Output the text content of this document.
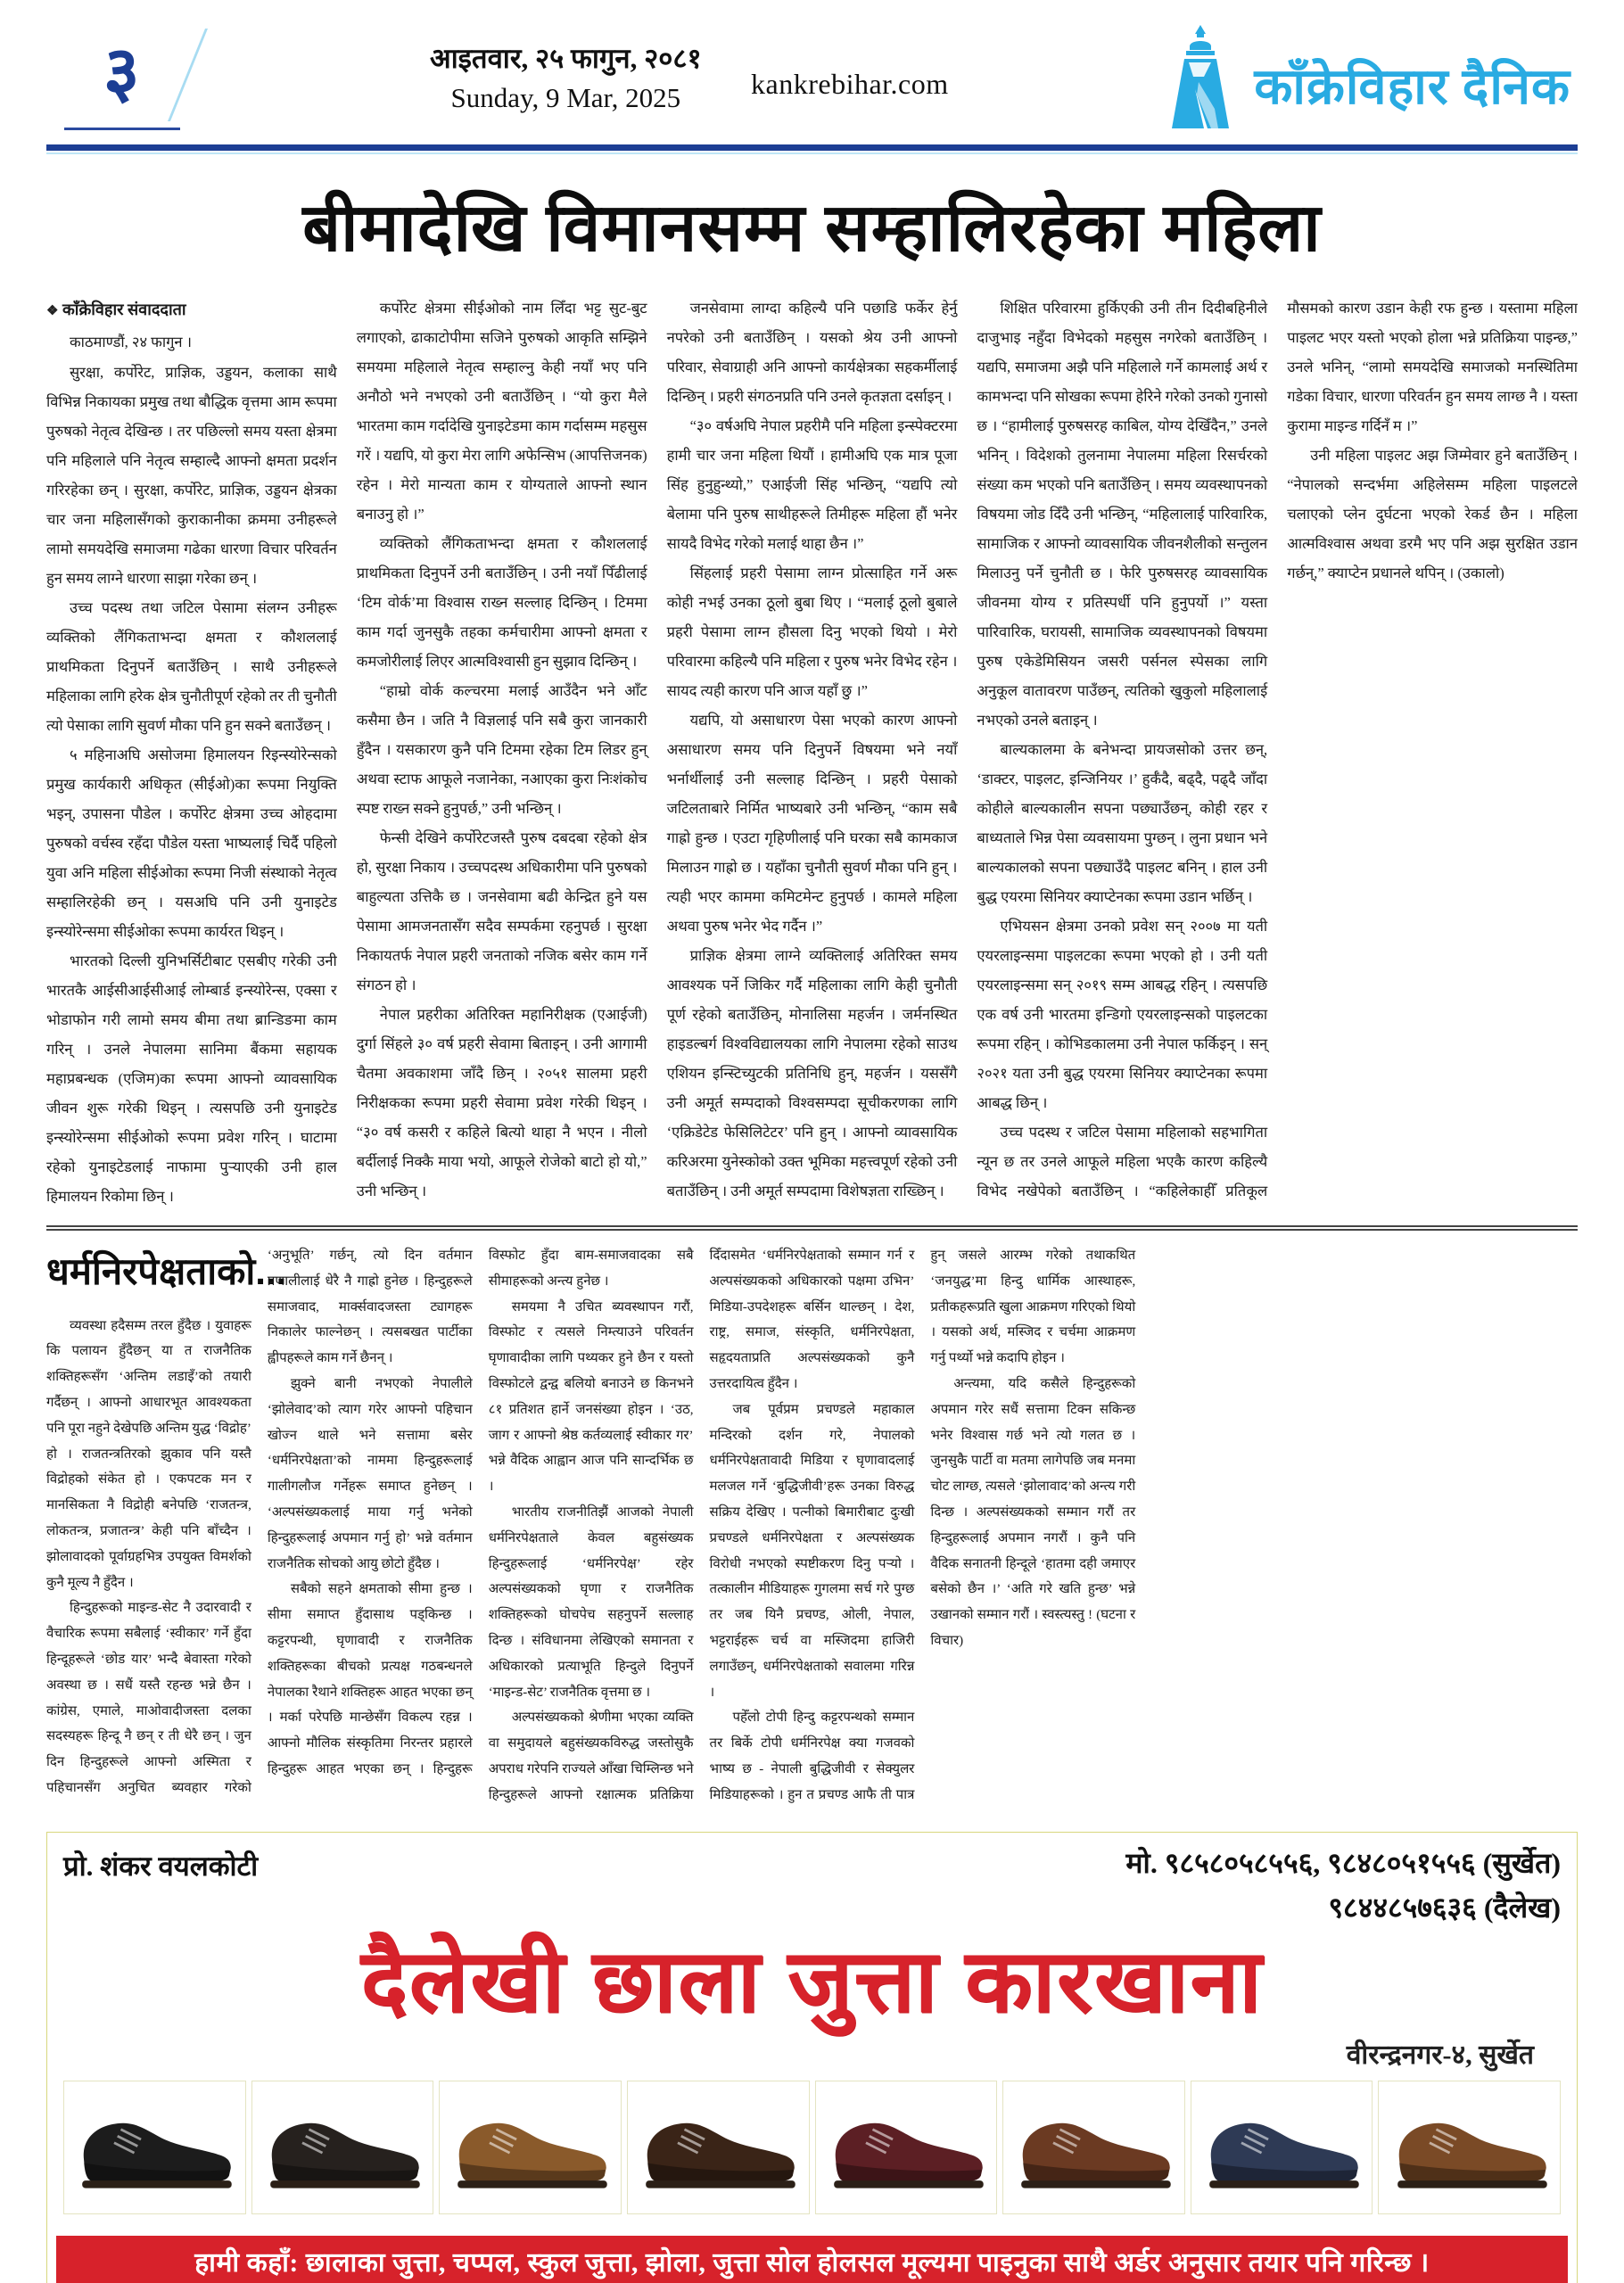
३	आइतवार, २५ फागुन, २०८१
Sunday, 9 Mar, 2025	kankrebihar.com	काँक्रेविहार दैनिक
बीमादेखि विमानसम्म सम्हालिरहेका महिला
❖ काँक्रेविहार संवाददाता
काठमाण्डौं, २४ फागुन ।

सुरक्षा, कर्पोरेट, प्राज्ञिक, उड्डयन, कलाका साथै विभिन्न निकायका प्रमुख तथा बौद्धिक वृत्तमा आम रूपमा पुरुषको नेतृत्व देखिन्छ । तर पछिल्लो समय यस्ता क्षेत्रमा पनि महिलाले पनि नेतृत्व सम्हाल्दै आफ्नो क्षमता प्रदर्शन गरिरहेका छन् । सुरक्षा, कर्पोरेट, प्राज्ञिक, उड्डयन क्षेत्रका चार जना महिलासँगको कुराकानीका क्रममा उनीहरूले लामो समयदेखि समाजमा गढेका धारणा विचार परिवर्तन हुन समय लाग्ने धारणा साझा गरेका छन् ।

उच्च पदस्थ तथा जटिल पेसामा संलग्न उनीहरू व्यक्तिको लैंगिकताभन्दा क्षमता र कौशललाई प्राथमिकता दिनुपर्ने बताउँछिन् । साथै उनीहरूले महिलाका लागि हरेक क्षेत्र चुनौतीपूर्ण रहेको तर ती चुनौती त्यो पेसाका लागि सुवर्ण मौका पनि हुन सक्ने बताउँछन् ।

५ महिनाअघि असोजमा हिमालयन रिइन्स्योरेन्सको प्रमुख कार्यकारी अधिकृत (सीईओ)का रूपमा नियुक्ति भइन्, उपासना पौडेल । कर्पोरेट क्षेत्रमा उच्च ओहदामा पुरुषको वर्चस्व रहँदा पौडेल यस्ता भाष्यलाई चिर्दै पहिलो युवा अनि महिला सीईओका रूपमा निजी संस्थाको नेतृत्व सम्हालिरहेकी छन् । यसअघि पनि उनी युनाइटेड इन्स्योरेन्समा सीईओका रूपमा कार्यरत थिइन् ।

भारतको दिल्ली युनिभर्सिटीबाट एसबीए गरेकी उनी भारतकै आईसीआईसीआई लोम्बार्ड इन्स्योरेन्स, एक्सा र भोडाफोन गरी लामो समय बीमा तथा ब्रान्डिङमा काम गरिन् । उनले नेपालमा सानिमा बैंकमा सहायक महाप्रबन्धक (एजिम)का रूपमा आफ्नो व्यावसायिक जीवन शुरू गरेकी थिइन् । त्यसपछि उनी युनाइटेड इन्स्योरेन्समा सीईओको रूपमा प्रवेश गरिन् । घाटामा रहेको युनाइटेडलाई नाफामा पुऱ्याएकी उनी हाल हिमालयन रिकोमा छिन् ।

कर्पोरेट क्षेत्रमा सीईओको नाम लिँदा भट्ट सुट-बुट लगाएको, ढाकाटोपीमा सजिने पुरुषको आकृति सम्झिने समयमा महिलाले नेतृत्व सम्हाल्नु केही नयाँ भए पनि अनौठो भने नभएको उनी बताउँछिन् । “यो कुरा मैले भारतमा काम गर्दादेखि युनाइटेडमा काम गर्दासम्म महसुस गरें । यद्यपि, यो कुरा मेरा लागि अफेन्सिभ (आपत्तिजनक) रहेन । मेरो मान्यता काम र योग्यताले आफ्नो स्थान बनाउनु हो ।”

व्यक्तिको लैंगिकताभन्दा क्षमता र कौशललाई प्राथमिकता दिनुपर्ने उनी बताउँछिन् । उनी नयाँ पिँढीलाई ‘टिम वोर्क’मा विश्वास राख्न सल्लाह दिन्छिन् । टिममा काम गर्दा जुनसुकै तहका कर्मचारीमा आफ्नो क्षमता र कमजोरीलाई लिएर आत्मविश्वासी हुन सुझाव दिन्छिन् ।

“हाम्रो वोर्क कल्चरमा मलाई आउँदैन भने आँट कसैमा छैन । जति नै विज्ञलाई पनि सबै कुरा जानकारी हुँदैन । यसकारण कुनै पनि टिममा रहेका टिम लिडर हुन् अथवा स्टाफ आफूले नजानेका, नआएका कुरा निःशंकोच स्पष्ट राख्न सक्ने हुनुपर्छ,” उनी भन्छिन् ।

फेन्सी देखिने कर्पोरेटजस्तै पुरुष दबदबा रहेको क्षेत्र हो, सुरक्षा निकाय । उच्चपदस्थ अधिकारीमा पनि पुरुषको बाहुल्यता उत्तिकै छ । जनसेवामा बढी केन्द्रित हुने यस पेसामा आमजनतासँग सदैव सम्पर्कमा रहनुपर्छ । सुरक्षा निकायतर्फ नेपाल प्रहरी जनताको नजिक बसेर काम गर्ने संगठन हो ।

नेपाल प्रहरीका अतिरिक्त महानिरीक्षक (एआईजी) दुर्गा सिंहले ३० वर्ष प्रहरी सेवामा बिताइन् । उनी आगामी चैतमा अवकाशमा जाँदै छिन् । २०५१ सालमा प्रहरी निरीक्षकका रूपमा प्रहरी सेवामा प्रवेश गरेकी थिइन् । “३० वर्ष कसरी र कहिले बित्यो थाहा नै भएन । नीलो बर्दीलाई निक्कै माया भयो, आफूले रोजेको बाटो हो यो,” उनी भन्छिन् ।

जनसेवामा लाग्दा कहिल्यै पनि पछाडि फर्केर हेर्नु नपरेको उनी बताउँछिन् । यसको श्रेय उनी आफ्नो परिवार, सेवाग्राही अनि आफ्नो कार्यक्षेत्रका सहकर्मीलाई दिन्छिन् । प्रहरी संगठनप्रति पनि उनले कृतज्ञता दर्साइन् ।

“३० वर्षअघि नेपाल प्रहरीमै पनि महिला इन्स्पेक्टरमा हामी चार जना महिला थियौं । हामीअघि एक मात्र पूजा सिंह हुनुहुन्थ्यो,” एआईजी सिंह भन्छिन्, “यद्यपि त्यो बेलामा पनि पुरुष साथीहरूले तिमीहरू महिला हौं भनेर सायदै विभेद गरेको मलाई थाहा छैन ।”

सिंहलाई प्रहरी पेसामा लाग्न प्रोत्साहित गर्ने अरू कोही नभई उनका ठूलो बुबा थिए । “मलाई ठूलो बुबाले प्रहरी पेसामा लाग्न हौसला दिनु भएको थियो । मेरो परिवारमा कहिल्यै पनि महिला र पुरुष भनेर विभेद रहेन । सायद त्यही कारण पनि आज यहाँ छु ।”

यद्यपि, यो असाधारण पेसा भएको कारण आफ्नो असाधारण समय पनि दिनुपर्ने विषयमा भने नयाँ भर्नार्थीलाई उनी सल्लाह दिन्छिन् । प्रहरी पेसाको जटिलताबारे निर्मित भाष्यबारे उनी भन्छिन्, “काम सबै गाह्रो हुन्छ । एउटा गृहिणीलाई पनि घरका सबै कामकाज मिलाउन गाह्रो छ । यहाँका चुनौती सुवर्ण मौका पनि हुन् । त्यही भएर काममा कमिटमेन्ट हुनुपर्छ । कामले महिला अथवा पुरुष भनेर भेद गर्दैन ।”

प्राज्ञिक क्षेत्रमा लाग्ने व्यक्तिलाई अतिरिक्त समय आवश्यक पर्ने जिकिर गर्दै महिलाका लागि केही चुनौती पूर्ण रहेको बताउँछिन्, मोनालिसा महर्जन । जर्मनस्थित हाइडल्बर्ग विश्वविद्यालयका लागि नेपालमा रहेको साउथ एशियन इन्स्टिच्युटकी प्रतिनिधि हुन्, महर्जन । यससँगै उनी अमूर्त सम्पदाको विश्वसम्पदा सूचीकरणका लागि ‘एक्रिडेटेड फेसिलिटेटर’ पनि हुन् । आफ्नो व्यावसायिक करिअरमा युनेस्कोको उक्त भूमिका महत्त्वपूर्ण रहेको उनी बताउँछिन् । उनी अमूर्त सम्पदामा विशेषज्ञता राख्छिन् ।

शिक्षित परिवारमा हुर्किएकी उनी तीन दिदीबहिनीले दाजुभाइ नहुँदा विभेदको महसुस नगरेको बताउँछिन् । यद्यपि, समाजमा अझै पनि महिलाले गर्ने कामलाई अर्थ र कामभन्दा पनि सोखका रूपमा हेरिने गरेको उनको गुनासो छ । “हामीलाई पुरुषसरह काबिल, योग्य देखिँदैन,” उनले भनिन् । विदेशको तुलनामा नेपालमा महिला रिसर्चरको संख्या कम भएको पनि बताउँछिन् । समय व्यवस्थापनको विषयमा जोड दिँदै उनी भन्छिन्, “महिलालाई पारिवारिक, सामाजिक र आफ्नो व्यावसायिक जीवनशैलीको सन्तुलन मिलाउनु पर्ने चुनौती छ । फेरि पुरुषसरह व्यावसायिक जीवनमा योग्य र प्रतिस्पर्धी पनि हुनुपर्यो ।” यस्ता पारिवारिक, घरायसी, सामाजिक व्यवस्थापनको विषयमा पुरुष एकेडेमिसियन जसरी पर्सनल स्पेसका लागि अनुकूल वातावरण पाउँछन्, त्यतिको खुकुलो महिलालाई नभएको उनले बताइन् ।

बाल्यकालमा के बनेभन्दा प्रायजसोको उत्तर छन्, ‘डाक्टर, पाइलट, इन्जिनियर ।’ हुर्कँदै, बढ्दै, पढ्दै जाँदा कोहीले बाल्यकालीन सपना पछ्याउँछन्, कोही रहर र बाध्यताले भिन्न पेसा व्यवसायमा पुग्छन् । लुना प्रधान भने बाल्यकालको सपना पछ्याउँदै पाइलट बनिन् । हाल उनी बुद्ध एयरमा सिनियर क्याप्टेनका रूपमा उडान भर्छिन् ।

एभियसन क्षेत्रमा उनको प्रवेश सन् २००७ मा यती एयरलाइन्समा पाइलटका रूपमा भएको हो । उनी यती एयरलाइन्समा सन् २०१९ सम्म आबद्ध रहिन् । त्यसपछि एक वर्ष उनी भारतमा इन्डिगो एयरलाइन्सको पाइलटका रूपमा रहिन् । कोभिडकालमा उनी नेपाल फर्किइन् । सन् २०२१ यता उनी बुद्ध एयरमा सिनियर क्याप्टेनका रूपमा आबद्ध छिन् ।

उच्च पदस्थ र जटिल पेसामा महिलाको सहभागिता न्यून छ तर उनले आफूले महिला भएकै कारण कहिल्यै विभेद नखेपेको बताउँछिन् । “कहिलेकाहीँ प्रतिकूल मौसमको कारण उडान केही रफ हुन्छ । यस्तामा महिला पाइलट भएर यस्तो भएको होला भन्ने प्रतिक्रिया पाइन्छ,” उनले भनिन्, “लामो समयदेखि समाजको मनस्थितिमा गडेका विचार, धारणा परिवर्तन हुन समय लाग्छ नै । यस्ता कुरामा माइन्ड गर्दिनँ म ।”

उनी महिला पाइलट अझ जिम्मेवार हुने बताउँछिन् । “नेपालको सन्दर्भमा अहिलेसम्म महिला पाइलटले चलाएको प्लेन दुर्घटना भएको रेकर्ड छैन । महिला आत्मविश्वास अथवा डरमै भए पनि अझ सुरक्षित उडान गर्छन्,” क्याप्टेन प्रधानले थपिन् । (उकालो)

धर्मनिरपेक्षताको...

व्यवस्था हदैसम्म तरल हुँदैछ । युवाहरू कि पलायन हुँदैछन् या त राजनैतिक शक्तिहरूसँग ‘अन्तिम लडाइँ’को तयारी गर्दैछन् । आफ्नो आधारभूत आवश्यकता पनि पूरा नहुने देखेपछि अन्तिम युद्ध ‘विद्रोह’ हो । राजतन्त्रतिरको झुकाव पनि यस्तै विद्रोहको संकेत हो । एकपटक मन र मानसिकता नै विद्रोही बनेपछि ‘राजतन्त्र, लोकतन्त्र, प्रजातन्त्र’ केही पनि बाँच्दैन । झोलावादको पूर्वाग्रहभित्र उपयुक्त विमर्शको कुनै मूल्य नै हुँदैन ।

हिन्दुहरूको माइन्ड-सेट नै उदारवादी र वैचारिक रूपमा सबैलाई ‘स्वीकार’ गर्ने हुँदा हिन्दूहरूले ‘छोड यार’ भन्दै बेवास्ता गरेको अवस्था छ । सधैं यस्तै रहन्छ भन्ने छैन । कांग्रेस, एमाले, माओवादीजस्ता दलका सदस्यहरू हिन्दू नै छन् र ती धेरै छन् । जुन दिन हिन्दुहरूले आफ्नो अस्मिता र पहिचानसँग अनुचित ब्यवहार गरेको ‘अनुभूति’ गर्छन्, त्यो दिन वर्तमान प्रणालीलाई धेरै नै गाह्रो हुनेछ । हिन्दुहरूले समाजवाद, मार्क्सवादजस्ता ट्यागहरू निकालेर फाल्नेछन् । त्यसबखत पार्टीका ह्वीपहरूले काम गर्ने छैनन् ।

झुक्ने बानी नभएको नेपालीले ‘झोलेवाद’को त्याग गरेर आफ्नो पहिचान खोज्न थाले भने सत्तामा बसेर ‘धर्मनिरपेक्षता’को नाममा हिन्दुहरूलाई गालीगलौज गर्नेहरू समाप्त हुनेछन् । ‘अल्पसंख्यकलाई माया गर्नु भनेको हिन्दुहरूलाई अपमान गर्नु हो’ भन्ने वर्तमान राजनैतिक सोचको आयु छोटो हुँदैछ ।

सबैको सहने क्षमताको सीमा हुन्छ । सीमा समाप्त हुँदासाथ पड्किन्छ । कट्टरपन्थी, घृणावादी र राजनैतिक शक्तिहरूका बीचको प्रत्यक्ष गठबन्धनले नेपालका रैथाने शक्तिहरू आहत भएका छन् । मर्का परेपछि मान्छेसँग विकल्प रहन्न । आफ्नो मौलिक संस्कृतिमा निरन्तर प्रहारले हिन्दुहरू आहत भएका छन् । हिन्दुहरू विस्फोट हुँदा बाम-समाजवादका सबै सीमाहरूको अन्त्य हुनेछ ।

समयमा नै उचित ब्यवस्थापन गरौं, विस्फोट र त्यसले निम्त्याउने परिवर्तन घृणावादीका लागि पथ्यकर हुने छैन र यस्तो विस्फोटले द्वन्द्व बलियो बनाउने छ किनभने ८१ प्रतिशत हार्ने जनसंख्या होइन । ‘उठ, जाग र आफ्नो श्रेष्ठ कर्तव्यलाई स्वीकार गर’ भन्ने वैदिक आह्वान आज पनि सान्दर्भिक छ ।

भारतीय राजनीतिझैं आजको नेपाली धर्मनिरपेक्षताले केवल बहुसंख्यक हिन्दुहरूलाई ‘धर्मनिरपेक्ष’ रहेर अल्पसंख्यकको घृणा र राजनैतिक शक्तिहरूको घोचपेच सहनुपर्ने सल्लाह दिन्छ । संविधानमा लेखिएको समानता र अधिकारको प्रत्याभूति हिन्दुले दिनुपर्ने ‘माइन्ड-सेट’ राजनैतिक वृत्तमा छ ।

अल्पसंख्यकको श्रेणीमा भएका व्यक्ति वा समुदायले बहुसंख्यकविरुद्ध जस्तोसुकै अपराध गरेपनि राज्यले आँखा चिम्लिन्छ भने हिन्दुहरूले आफ्नो रक्षात्मक प्रतिक्रिया दिँदासमेत ‘धर्मनिरपेक्षताको सम्मान गर्न र अल्पसंख्यकको अधिकारको पक्षमा उभिन’ मिडिया-उपदेशहरू बर्सिन थाल्छन् । देश, राष्ट्र, समाज, संस्कृति, धर्मनिरपेक्षता, सहृदयताप्रति अल्पसंख्यकको कुनै उत्तरदायित्व हुँदैन ।

जब पूर्वप्रम प्रचण्डले महाकाल मन्दिरको दर्शन गरे, नेपालको धर्मनिरपेक्षतावादी मिडिया र घृणावादलाई मलजल गर्ने ‘बुद्धिजीवी’हरू उनका विरुद्ध सक्रिय देखिए । पत्नीको बिमारीबाट दुःखी प्रचण्डले धर्मनिरपेक्षता र अल्पसंख्यक विरोधी नभएको स्पष्टीकरण दिनु पर्‍यो । तत्कालीन मीडियाहरू गुगलमा सर्च गरे पुग्छ तर जब यिनै प्रचण्ड, ओली, नेपाल, भट्टराईहरू चर्च वा मस्जिदमा हाजिरी लगाउँछन्, धर्मनिरपेक्षताको सवालमा गरिन्न ।

पहेँलो टोपी हिन्दु कट्टरपन्थको सम्मान तर बिर्के टोपी धर्मनिरपेक्ष क्या गजवको भाष्य छ - नेपाली बुद्धिजीवी र सेक्युलर मिडियाहरूको । हुन त प्रचण्ड आफै ती पात्र हुन् जसले आरम्भ गरेको तथाकथित ‘जनयुद्ध’मा हिन्दु धार्मिक आस्थाहरू, प्रतीकहरूप्रति खुला आक्रमण गरिएको थियो । यसको अर्थ, मस्जिद र चर्चमा आक्रमण गर्नु पर्थ्यो भन्ने कदापि होइन ।

अन्त्यमा, यदि कसैले हिन्दुहरूको अपमान गरेर सधैं सत्तामा टिक्न सकिन्छ भनेर विश्वास गर्छ भने त्यो गलत छ । जुनसुकै पार्टी वा मतमा लागेपछि जब मनमा चोट लाग्छ, त्यसले ‘झोलावाद’को अन्त्य गरी दिन्छ । अल्पसंख्यकको सम्मान गरौं तर हिन्दुहरूलाई अपमान नगरौं । कुनै पनि वैदिक सनातनी हिन्दूले ‘हातमा दही जमाएर बसेको छैन ।’ ‘अति गरे खति हुन्छ’ भन्ने उखानको सम्मान गरौं । स्वस्त्यस्तु ! (घटना र विचार)

प्रो. शंकर वयलकोटी	मो. ९८५८०५८५५६, ९८४८०५१५५६ (सुर्खेत)
९८४४८५७६३६ (दैलेख)
दैलेखी छाला जुत्ता कारखाना
वीरन्द्रनगर-४, सुर्खेत
हामी कहाँ: छालाका जुत्ता, चप्पल, स्कुल जुत्ता, झोला, जुत्ता सोल होलसल मूल्यमा पाइनुका साथै अर्डर अनुसार तयार पनि गरिन्छ ।
